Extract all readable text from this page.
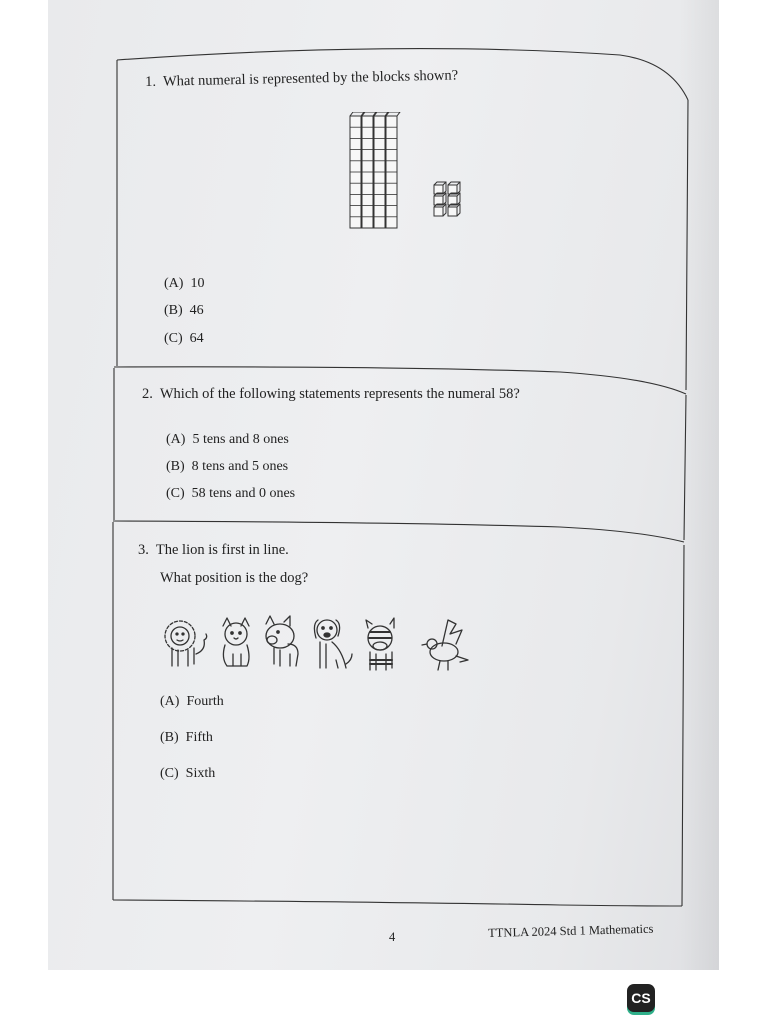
1. What numeral is represented by the blocks shown?
(A) 10
(B) 46
(C) 64
2. Which of the following statements represents the numeral 58?
(A) 5 tens and 8 ones
(B) 8 tens and 5 ones
(C) 58 tens and 0 ones
3. The lion is first in line.
What position is the dog?
(A) Fourth
(B) Fifth
(C) Sixth
4	TTNLA 2024 Std 1 Mathematics
CS
